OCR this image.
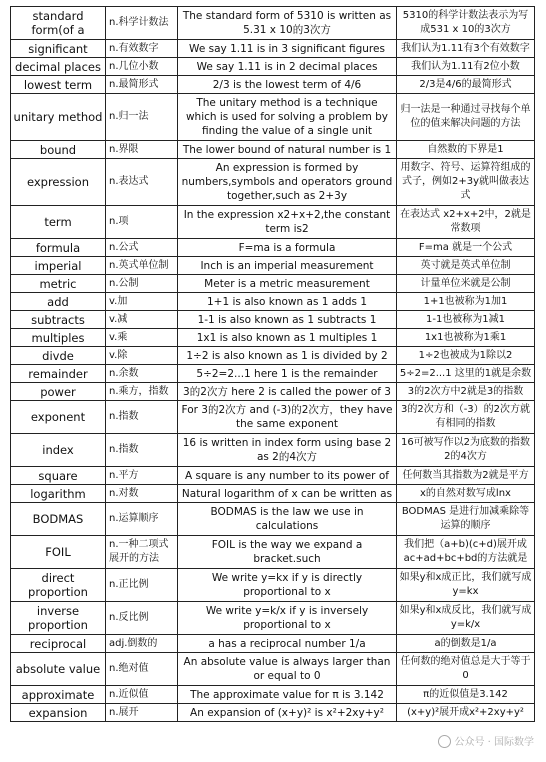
standard form(of a	n.科学计数法	The standard form of 5310 is written as 5.31 x 10的3次方	5310的科学计数法表示为写成531 x 10的3次方
significant	n.有效数字	We say 1.11 is in 3 significant figures	我们认为1.11有3个有效数字
decimal places	n.几位小数	We say 1.11 is in 2 decimal places	我们认为1.11有2位小数
lowest term	n.最简形式	2/3 is the lowest term of 4/6	2/3是4/6的最简形式
unitary method	n.归一法	The unitary method is a technique which is used for solving a problem by finding the value of a single unit	归一法是一种通过寻找每个单位的值来解决问题的方法
bound	n.界限	The lower bound of natural number is 1	自然数的下界是1
expression	n.表达式	An expression is formed by numbers,symbols and operators ground together,such as 2+3y	用数字、符号、运算符组成的式子，例如2+3y就叫做表达式
term	n.项	In the expression x2+x+2,the constant term is2	在表达式 x2+x+2中，2就是常数项
formula	n.公式	F=ma is a formula	F=ma 就是一个公式
imperial	n.英式单位制	Inch is an imperial measurement	英寸就是英式单位制
metric	n.公制	Meter is a metric measurement	计量单位米就是公制
add	v.加	1+1 is also known as 1 adds 1	1+1也被称为1加1
subtracts	v.减	1-1 is also known as 1 subtracts 1	1-1也被称为1减1
multiples	v.乘	1x1 is also known as 1 multiples 1	1x1也被称为1乘1
divde	v.除	1÷2 is also known as 1 is divided by 2	1÷2也被成为1除以2
remainder	n.余数	5÷2=2...1 here 1 is the remainder	5÷2=2...1 这里的1就是余数
power	n.乘方，指数	3的2次方 here 2 is called the power of 3	3的2次方中2就是3的指数
exponent	n.指数	For 3的2次方 and (-3)的2次方，they have the same exponent	3的2次方和（-3）的2次方就有相同的指数
index	n.指数	16 is written in index form using base 2 as 2的4次方	16可被写作以2为底数的指数2的4次方
square	n.平方	A square is any number to its power of	任何数当其指数为2就是平方
logarithm	n.对数	Natural logarithm of x can be written as	x的自然对数写成lnx
BODMAS	n.运算顺序	BODMAS is the law we use in calculations	BODMAS 是进行加减乘除等运算的顺序
FOIL	n.一种二项式展开的方法	FOIL is the way we expand a bracket.such	我们把（a+b)(c+d)展开成ac+ad+bc+bd的方法就是
direct proportion	n.正比例	We write y=kx if y is directly proportional to x	如果y和x成正比，我们就写成y=kx
inverse proportion	n.反比例	We write y=k/x if y is inversely proportional to x	如果y和x成反比，我们就写成y=k/x
reciprocal	adj.倒数的	a has a reciprocal number 1/a	a的倒数是1/a
absolute value	n.绝对值	An absolute value is always larger than or equal to 0	任何数的绝对值总是大于等于0
approximate	n.近似值	The approximate value for π is 3.142	π的近似值是3.142
expansion	n.展开	An expansion of (x+y)² is x²+2xy+y²	(x+y)²展开成x²+2xy+y²
公众号 · 国际数学
